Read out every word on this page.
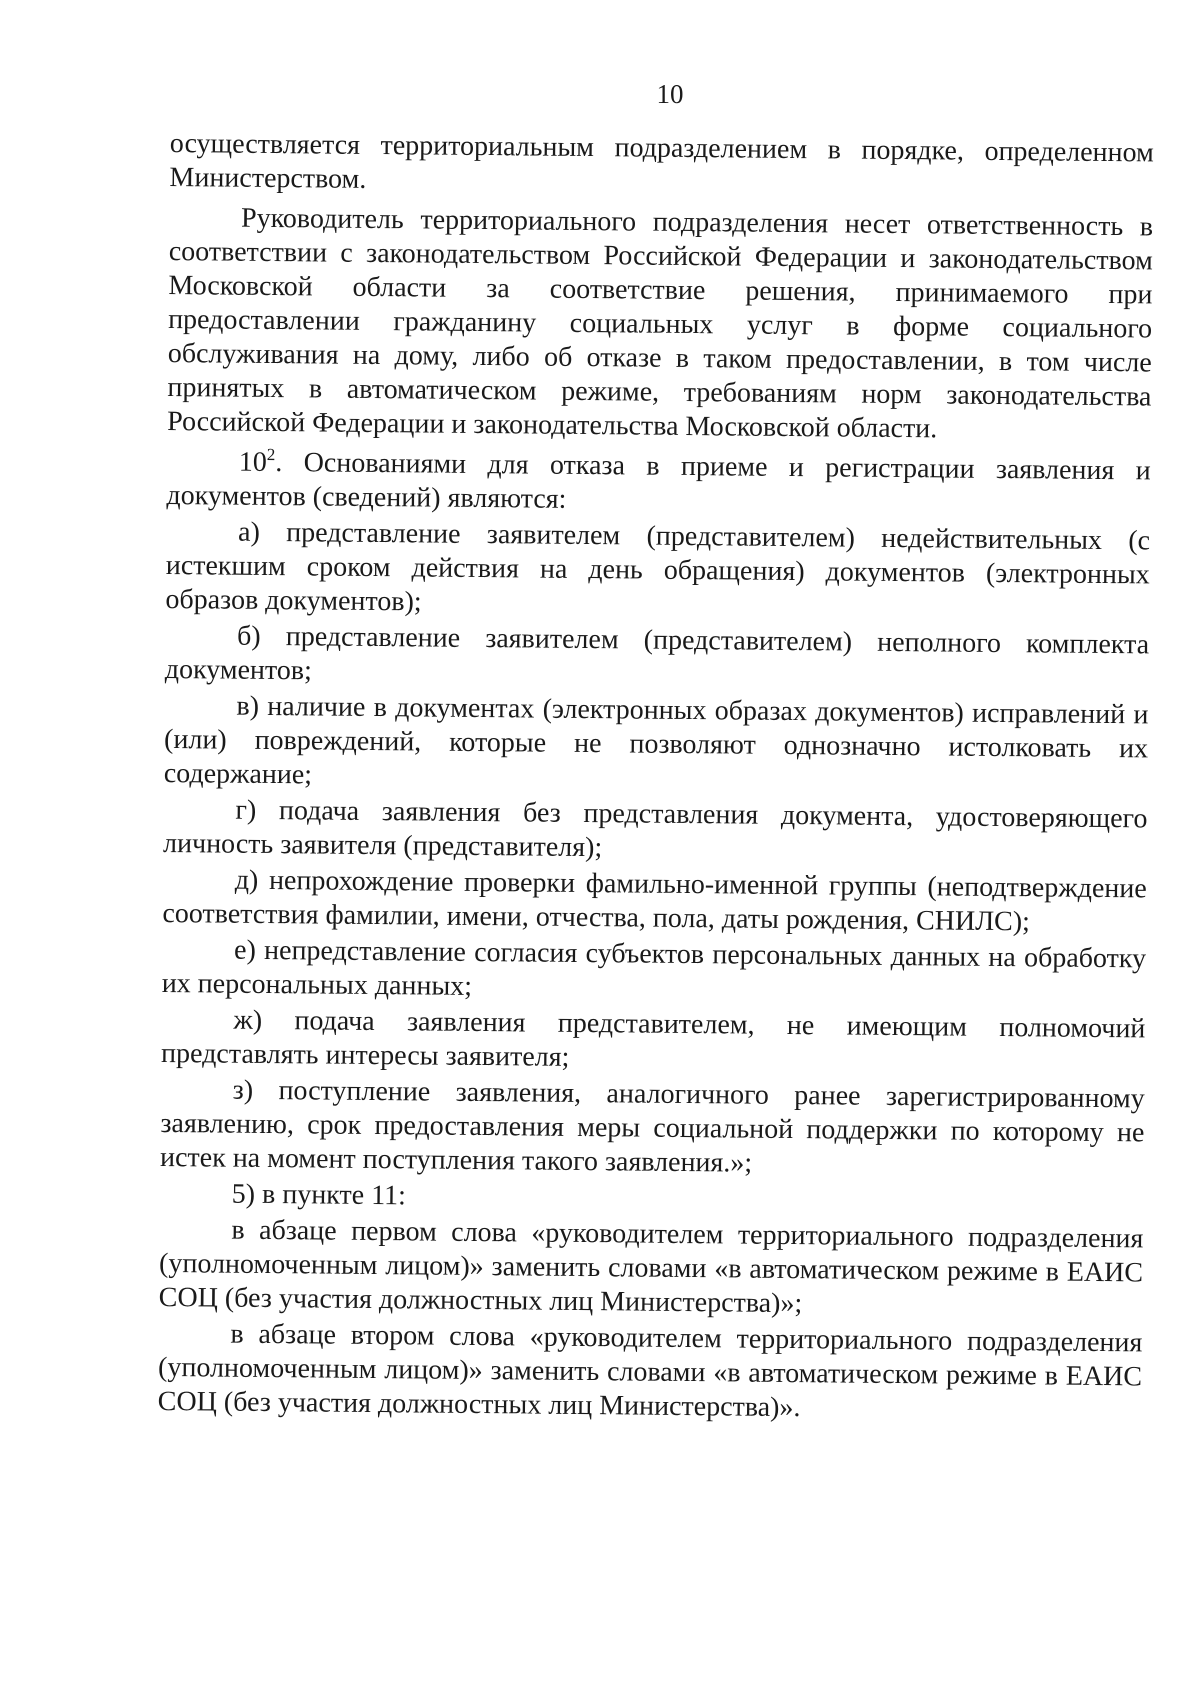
10

осуществляется территориальным подразделением в порядке, определенном Министерством.

Руководитель территориального подразделения несет ответственность в соответствии с законодательством Российской Федерации и законодательством Московской области за соответствие решения, принимаемого при предоставлении гражданину социальных услуг в форме социального обслуживания на дому, либо об отказе в таком предоставлении, в том числе принятых в автоматическом режиме, требованиям норм законодательства Российской Федерации и законодательства Московской области.

$10^2$. Основаниями для отказа в приеме и регистрации заявления и документов (сведений) являются:

а) представление заявителем (представителем) недействительных (с истекшим сроком действия на день обращения) документов (электронных образов документов);

б) представление заявителем (представителем) неполного комплекта документов;

в) наличие в документах (электронных образах документов) исправлений и (или) повреждений, которые не позволяют однозначно истолковать их содержание;

г) подача заявления без представления документа, удостоверяющего личность заявителя (представителя);

д) непрохождение проверки фамильно-именной группы (неподтверждение соответствия фамилии, имени, отчества, пола, даты рождения, СНИЛС);

е) непредставление согласия субъектов персональных данных на обработку их персональных данных;

ж) подача заявления представителем, не имеющим полномочий представлять интересы заявителя;

з) поступление заявления, аналогичного ранее зарегистрированному заявлению, срок предоставления меры социальной поддержки по которому не истек на момент поступления такого заявления.»;

5) в пункте 11:

в абзаце первом слова «руководителем территориального подразделения (уполномоченным лицом)» заменить словами «в автоматическом режиме в ЕАИС СОЦ (без участия должностных лиц Министерства)»;

в абзаце втором слова «руководителем территориального подразделения (уполномоченным лицом)» заменить словами «в автоматическом режиме в ЕАИС СОЦ (без участия должностных лиц Министерства)».
